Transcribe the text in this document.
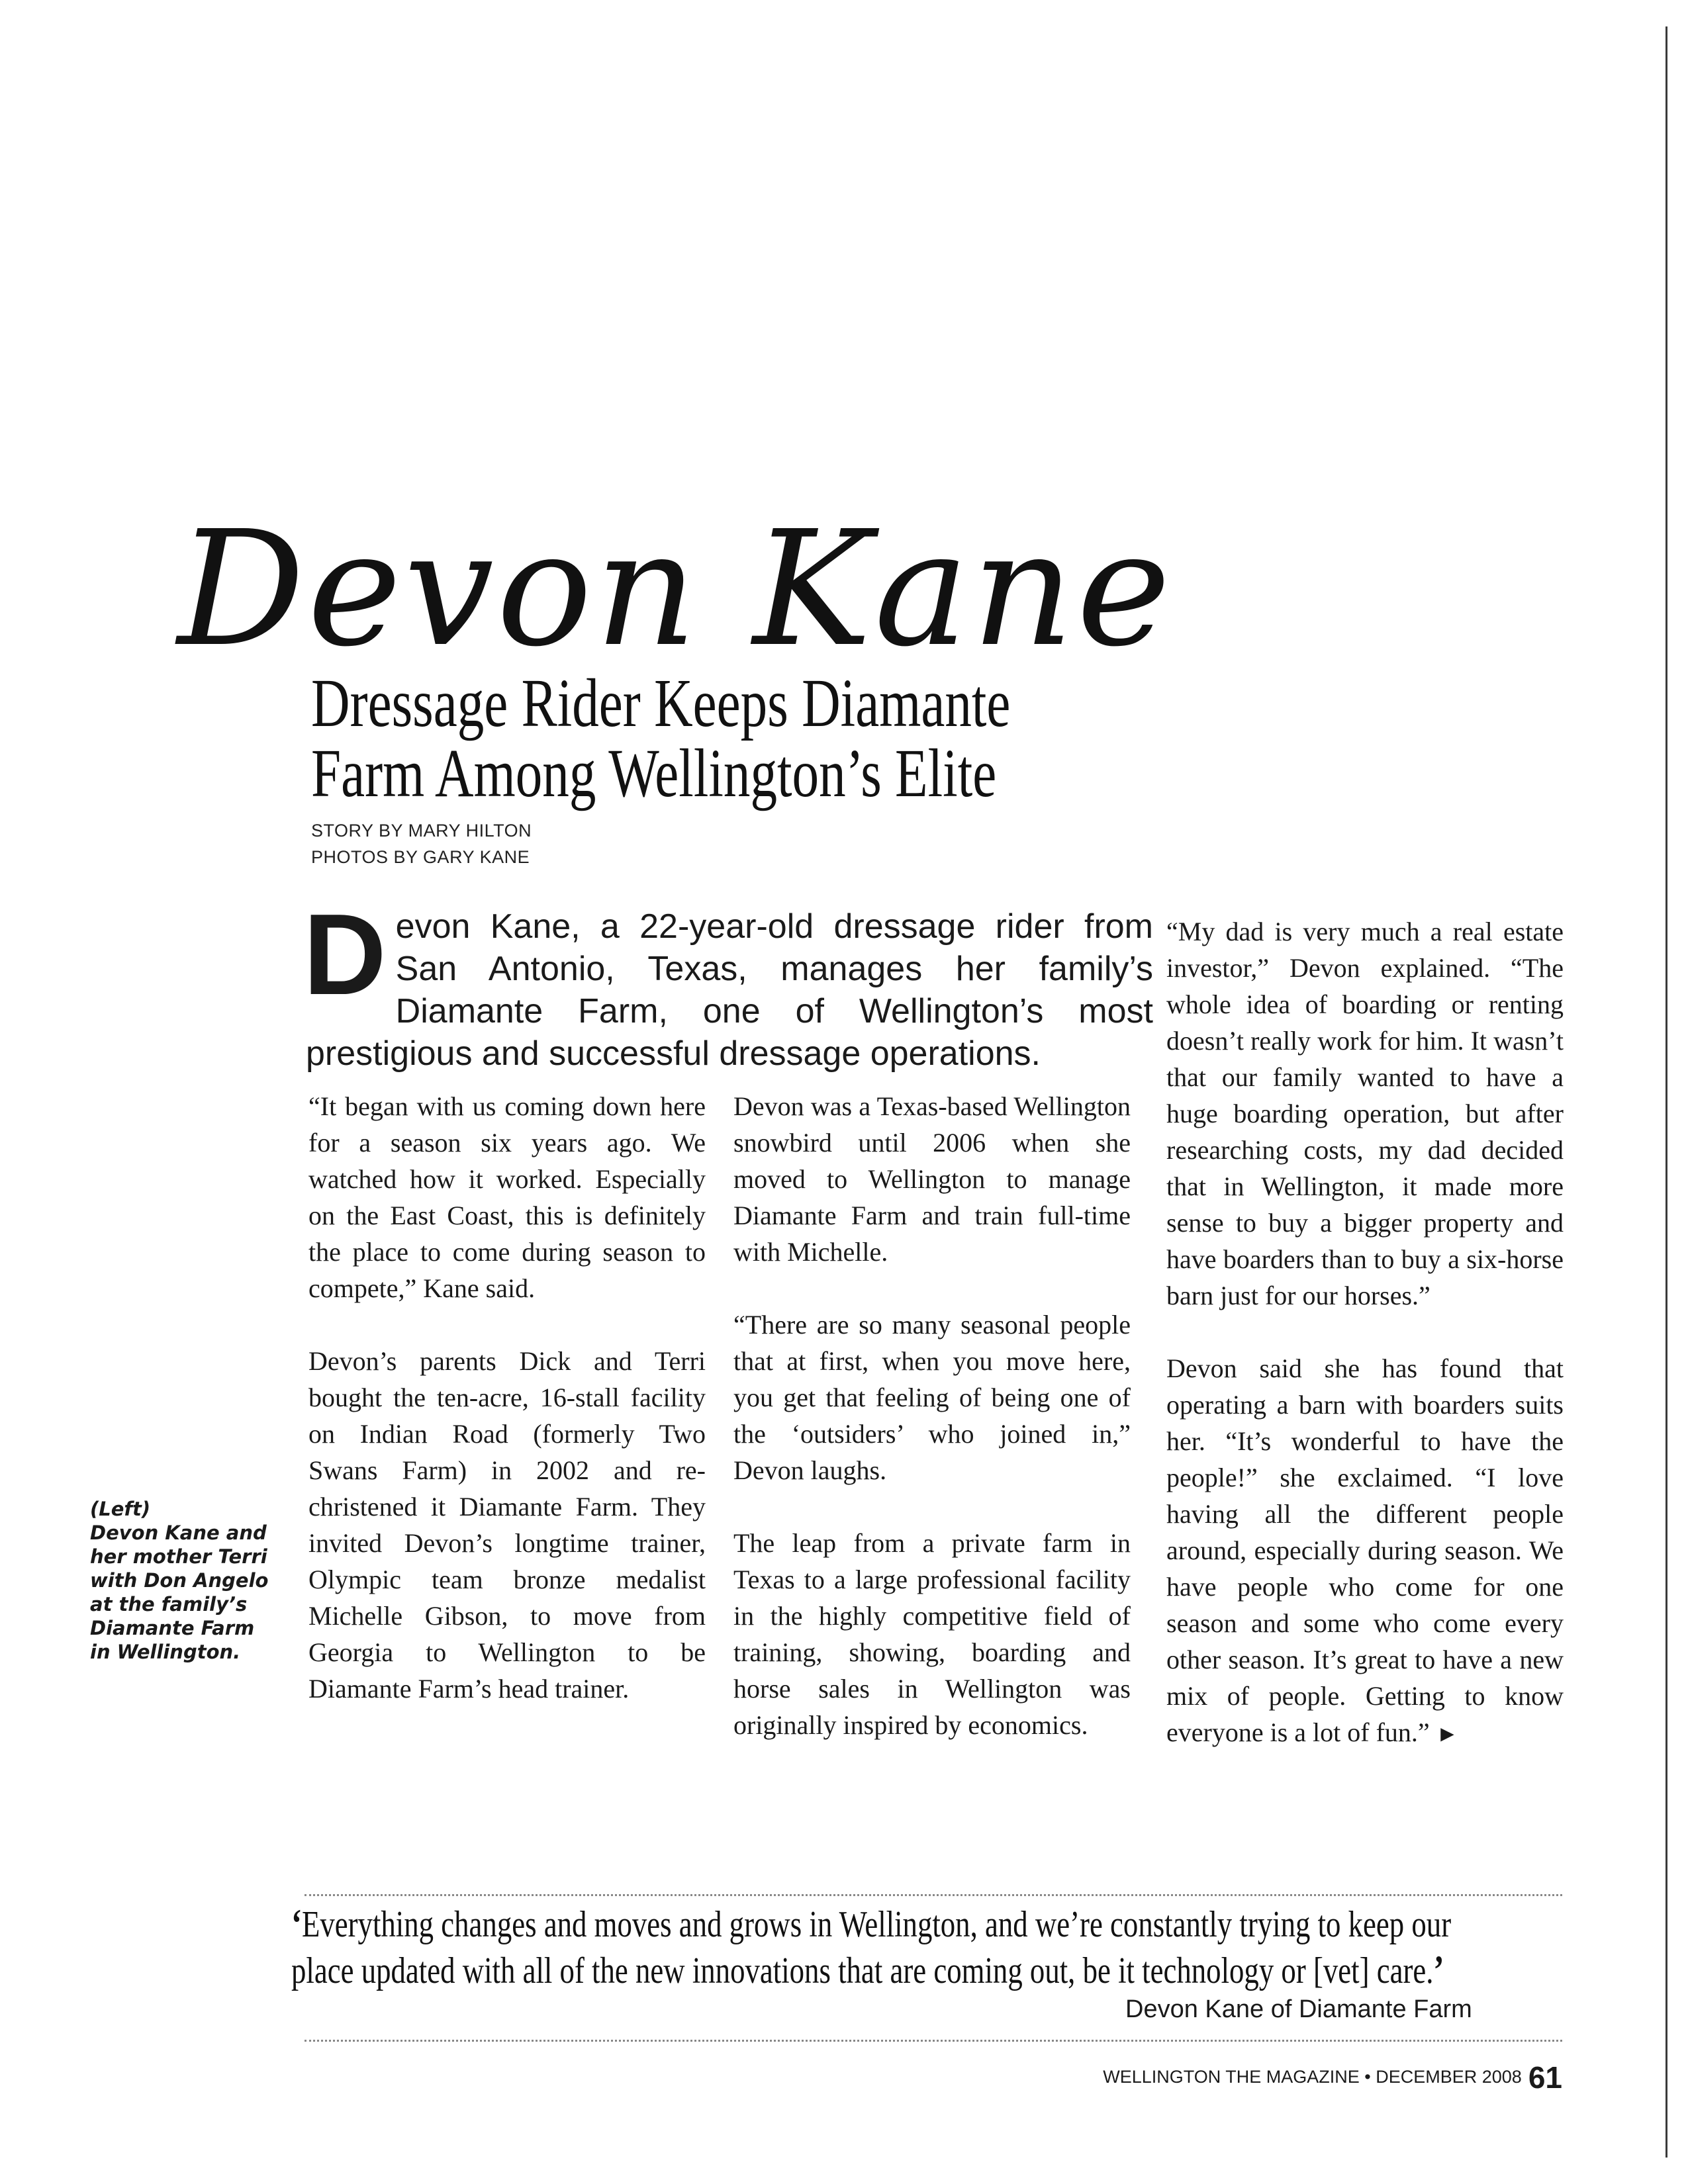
Devon Kane
Dressage Rider Keeps Diamante
Farm Among Wellington’s Elite
STORY BY MARY HILTON
PHOTOS BY GARY KANE
D evon Kane, a 22-year-old dressage rider from San Antonio, Texas, manages her family’s Diamante Farm, one of Wellington’s most prestigious and successful dressage operations.

“It began with us coming down here for a season six years ago. We watched how it worked. Especially on the East Coast, this is definitely the place to come during season to compete,” Kane said.

Devon’s parents Dick and Terri bought the ten-acre, 16-stall facility on Indian Road (formerly Two Swans Farm) in 2002 and re-christened it Diamante Farm. They invited Devon’s longtime trainer, Olympic team bronze medalist Michelle Gibson, to move from Georgia to Wellington to be Diamante Farm’s head trainer.

Devon was a Texas-based Wellington snowbird until 2006 when she moved to Wellington to manage Diamante Farm and train full-time with Michelle.

“There are so many seasonal people that at first, when you move here, you get that feeling of being one of the ‘outsiders’ who joined in,” Devon laughs.

The leap from a private farm in Texas to a large professional facility in the highly competitive field of training, showing, boarding and horse sales in Wellington was originally inspired by economics.

“My dad is very much a real estate investor,” Devon explained. “The whole idea of boarding or renting doesn’t really work for him. It wasn’t that our family wanted to have a huge boarding operation, but after researching costs, my dad decided that in Wellington, it made more sense to buy a bigger property and have boarders than to buy a six-horse barn just for our horses.”

Devon said she has found that operating a barn with boarders suits her. “It’s wonderful to have the people!” she exclaimed. “I love having all the different people around, especially during season. We have people who come for one season and some who come every other season. It’s great to have a new mix of people. Getting to know everyone is a lot of fun.” ►

(Left)
Devon Kane and her mother Terri with Don Angelo at the family’s Diamante Farm in Wellington.
‘Everything changes and moves and grows in Wellington, and we’re constantly trying to keep our place updated with all of the new innovations that are coming out, be it technology or [vet] care.’
Devon Kane of Diamante Farm
WELLINGTON THE MAGAZINE • DECEMBER 2008 61
